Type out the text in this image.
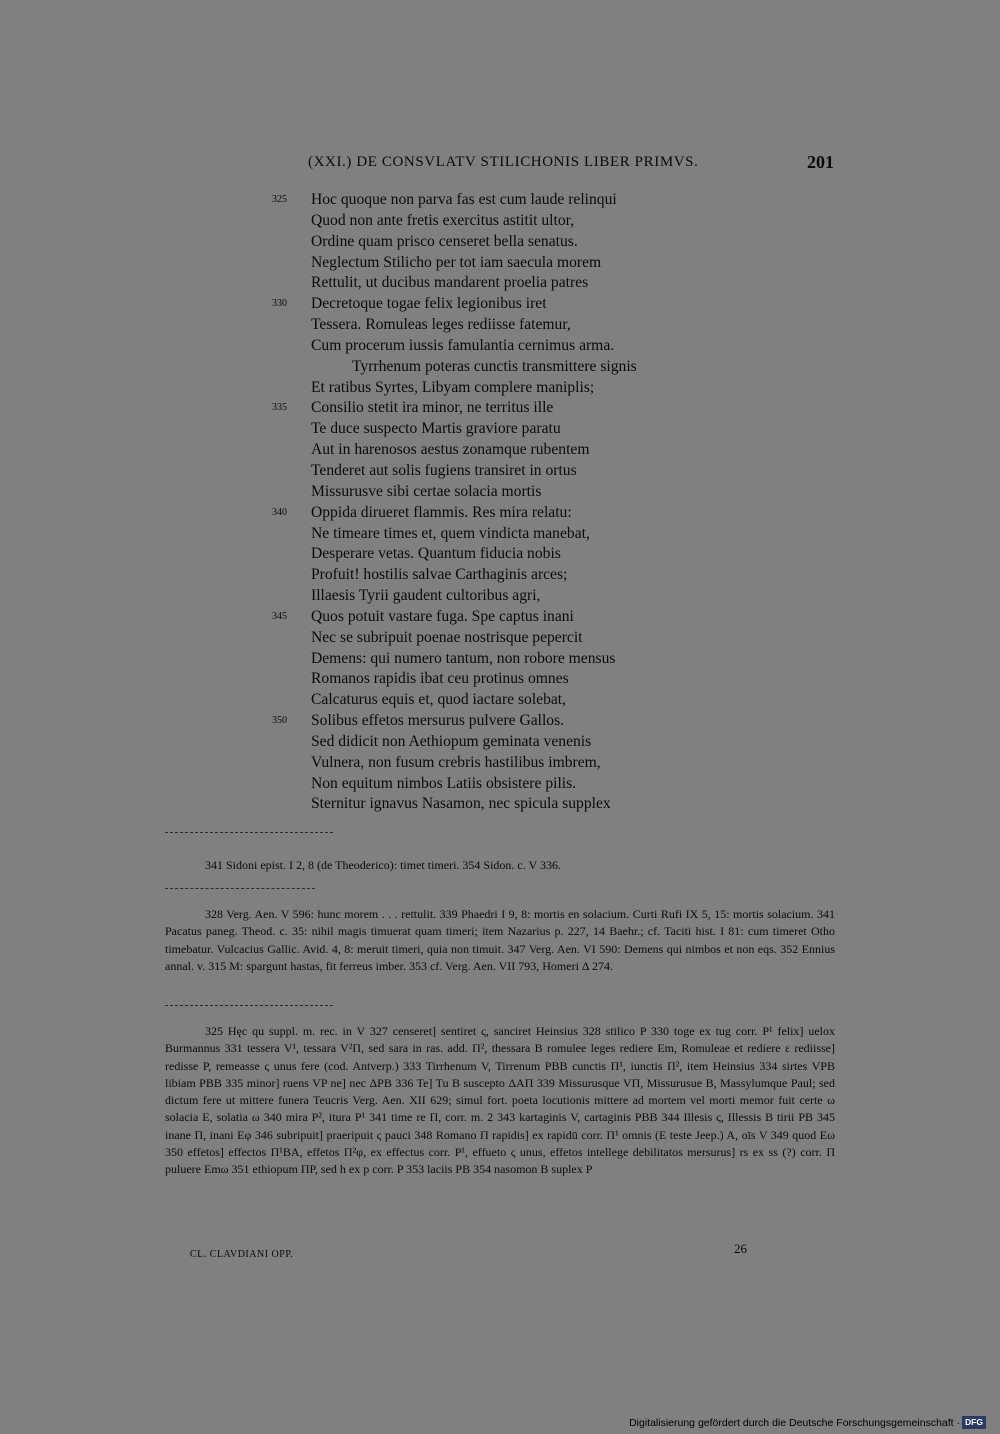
(XXI.) DE CONSVLATV STILICHONIS LIBER PRIMVS.	201
325	Hoc quoque non parva fas est cum laude relinqui
Quod non ante fretis exercitus astitit ultor,
Ordine quam prisco censeret bella senatus.
Neglectum Stilicho per tot iam saecula morem
Rettulit, ut ducibus mandarent proelia patres
330	Decretoque togae felix legionibus iret
Tessera. Romuleas leges rediisse fatemur,
Cum procerum iussis famulantia cernimus arma.
Tyrrhenum poteras cunctis transmittere signis
Et ratibus Syrtes, Libyam complere maniplis;
335	Consilio stetit ira minor, ne territus ille
Te duce suspecto Martis graviore paratu
Aut in harenosos aestus zonamque rubentem
Tenderet aut solis fugiens transiret in ortus
Missurusve sibi certae solacia mortis
340	Oppida dirueret flammis. Res mira relatu:
Ne timeare times et, quem vindicta manebat,
Desperare vetas. Quantum fiducia nobis
Profuit! hostilis salvae Carthaginis arces;
Illaesis Tyrii gaudent cultoribus agri,
345	Quos potuit vastare fuga. Spe captus inani
Nec se subripuit poenae nostrisque pepercit
Demens: qui numero tantum, non robore mensus
Romanos rapidis ibat ceu protinus omnes
Calcaturus equis et, quod iactare solebat,
350	Solibus effetos mersurus pulvere Gallos.
Sed didicit non Aethiopum geminata venenis
Vulnera, non fusum crebris hastilibus imbrem,
Non equitum nimbos Latiis obsistere pilis.
Sternitur ignavus Nasamon, nec spicula supplex

341 Sidoni epist. I 2, 8 (de Theoderico): timet timeri. 354 Sidon. c. V 336.

328 Verg. Aen. V 596: hunc morem . . . rettulit. 339 Phaedri I 9, 8: mortis en solacium. Curti Rufi IX 5, 15: mortis solacium. 341 Pacatus paneg. Theod. c. 35: nihil magis timuerat quam timeri; item Nazarius p. 227, 14 Baehr.; cf. Taciti hist. I 81: cum timeret Otho timebatur. Vulcacius Gallic. Avid. 4, 8: meruit timeri, quia non timuit. 347 Verg. Aen. VI 590: Demens qui nimbos et non eqs. 352 Ennius annal. v. 315 M: spargunt hastas, fit ferreus imber. 353 cf. Verg. Aen. VII 793, Homeri Δ 274.

325 Hęc qu suppl. m. rec. in V 327 censeret] sentiret ς, sanciret Heinsius 328 stilico P 330 toge ex tug corr. P¹ felix] uelox Burmannus 331 tessera V¹, tessara V²Π, sed sara in ras. add. Π², thessara B romulee leges rediere Em, Romuleae et rediere ε rediisse] redisse P, remeasse ς unus fere (cod. Antverp.) 333 Tirrhenum V, Tirrenum PBB cunctis Π¹, iunctis Π², item Heinsius 334 sirtes VPB libiam PBB 335 minor] ruens VP ne] nec ΔPB 336 Te] Tu B suscepto ΔAΠ 339 Missurusque VΠ, Missurusue B, Massylumque Paul; sed dictum fere ut mittere funera Teucris Verg. Aen. XII 629; simul fort. poeta locutionis mittere ad mortem vel morti memor fuit certe ω solacia E, solatia ω 340 mira P², itura P¹ 341 time re Π, corr. m. 2 343 kartaginis V, cartaginis PBB 344 Illesis ς, Illessis B tirii PB 345 inane Π, inani Eφ 346 subripuit] praeripuit ς pauci 348 Romano Π rapidis] ex rapidū corr. Π¹ omnis (E teste Jeep.) A, oīs V 349 quod Eω 350 effetos] effectos Π¹BA, effetos Π²φ, ex effectus corr. P¹, effueto ς unus, effetos intellege debilitatos mersurus] rs ex ss (?) corr. Π puluere Emω 351 ethiopum ΠP, sed h ex p corr. P 353 laciis PB 354 nasomon B suplex P

CL. CLAVDIANI OPP.	26
Digitalisierung gefördert durch die Deutsche Forschungsgemeinschaft · DFG
